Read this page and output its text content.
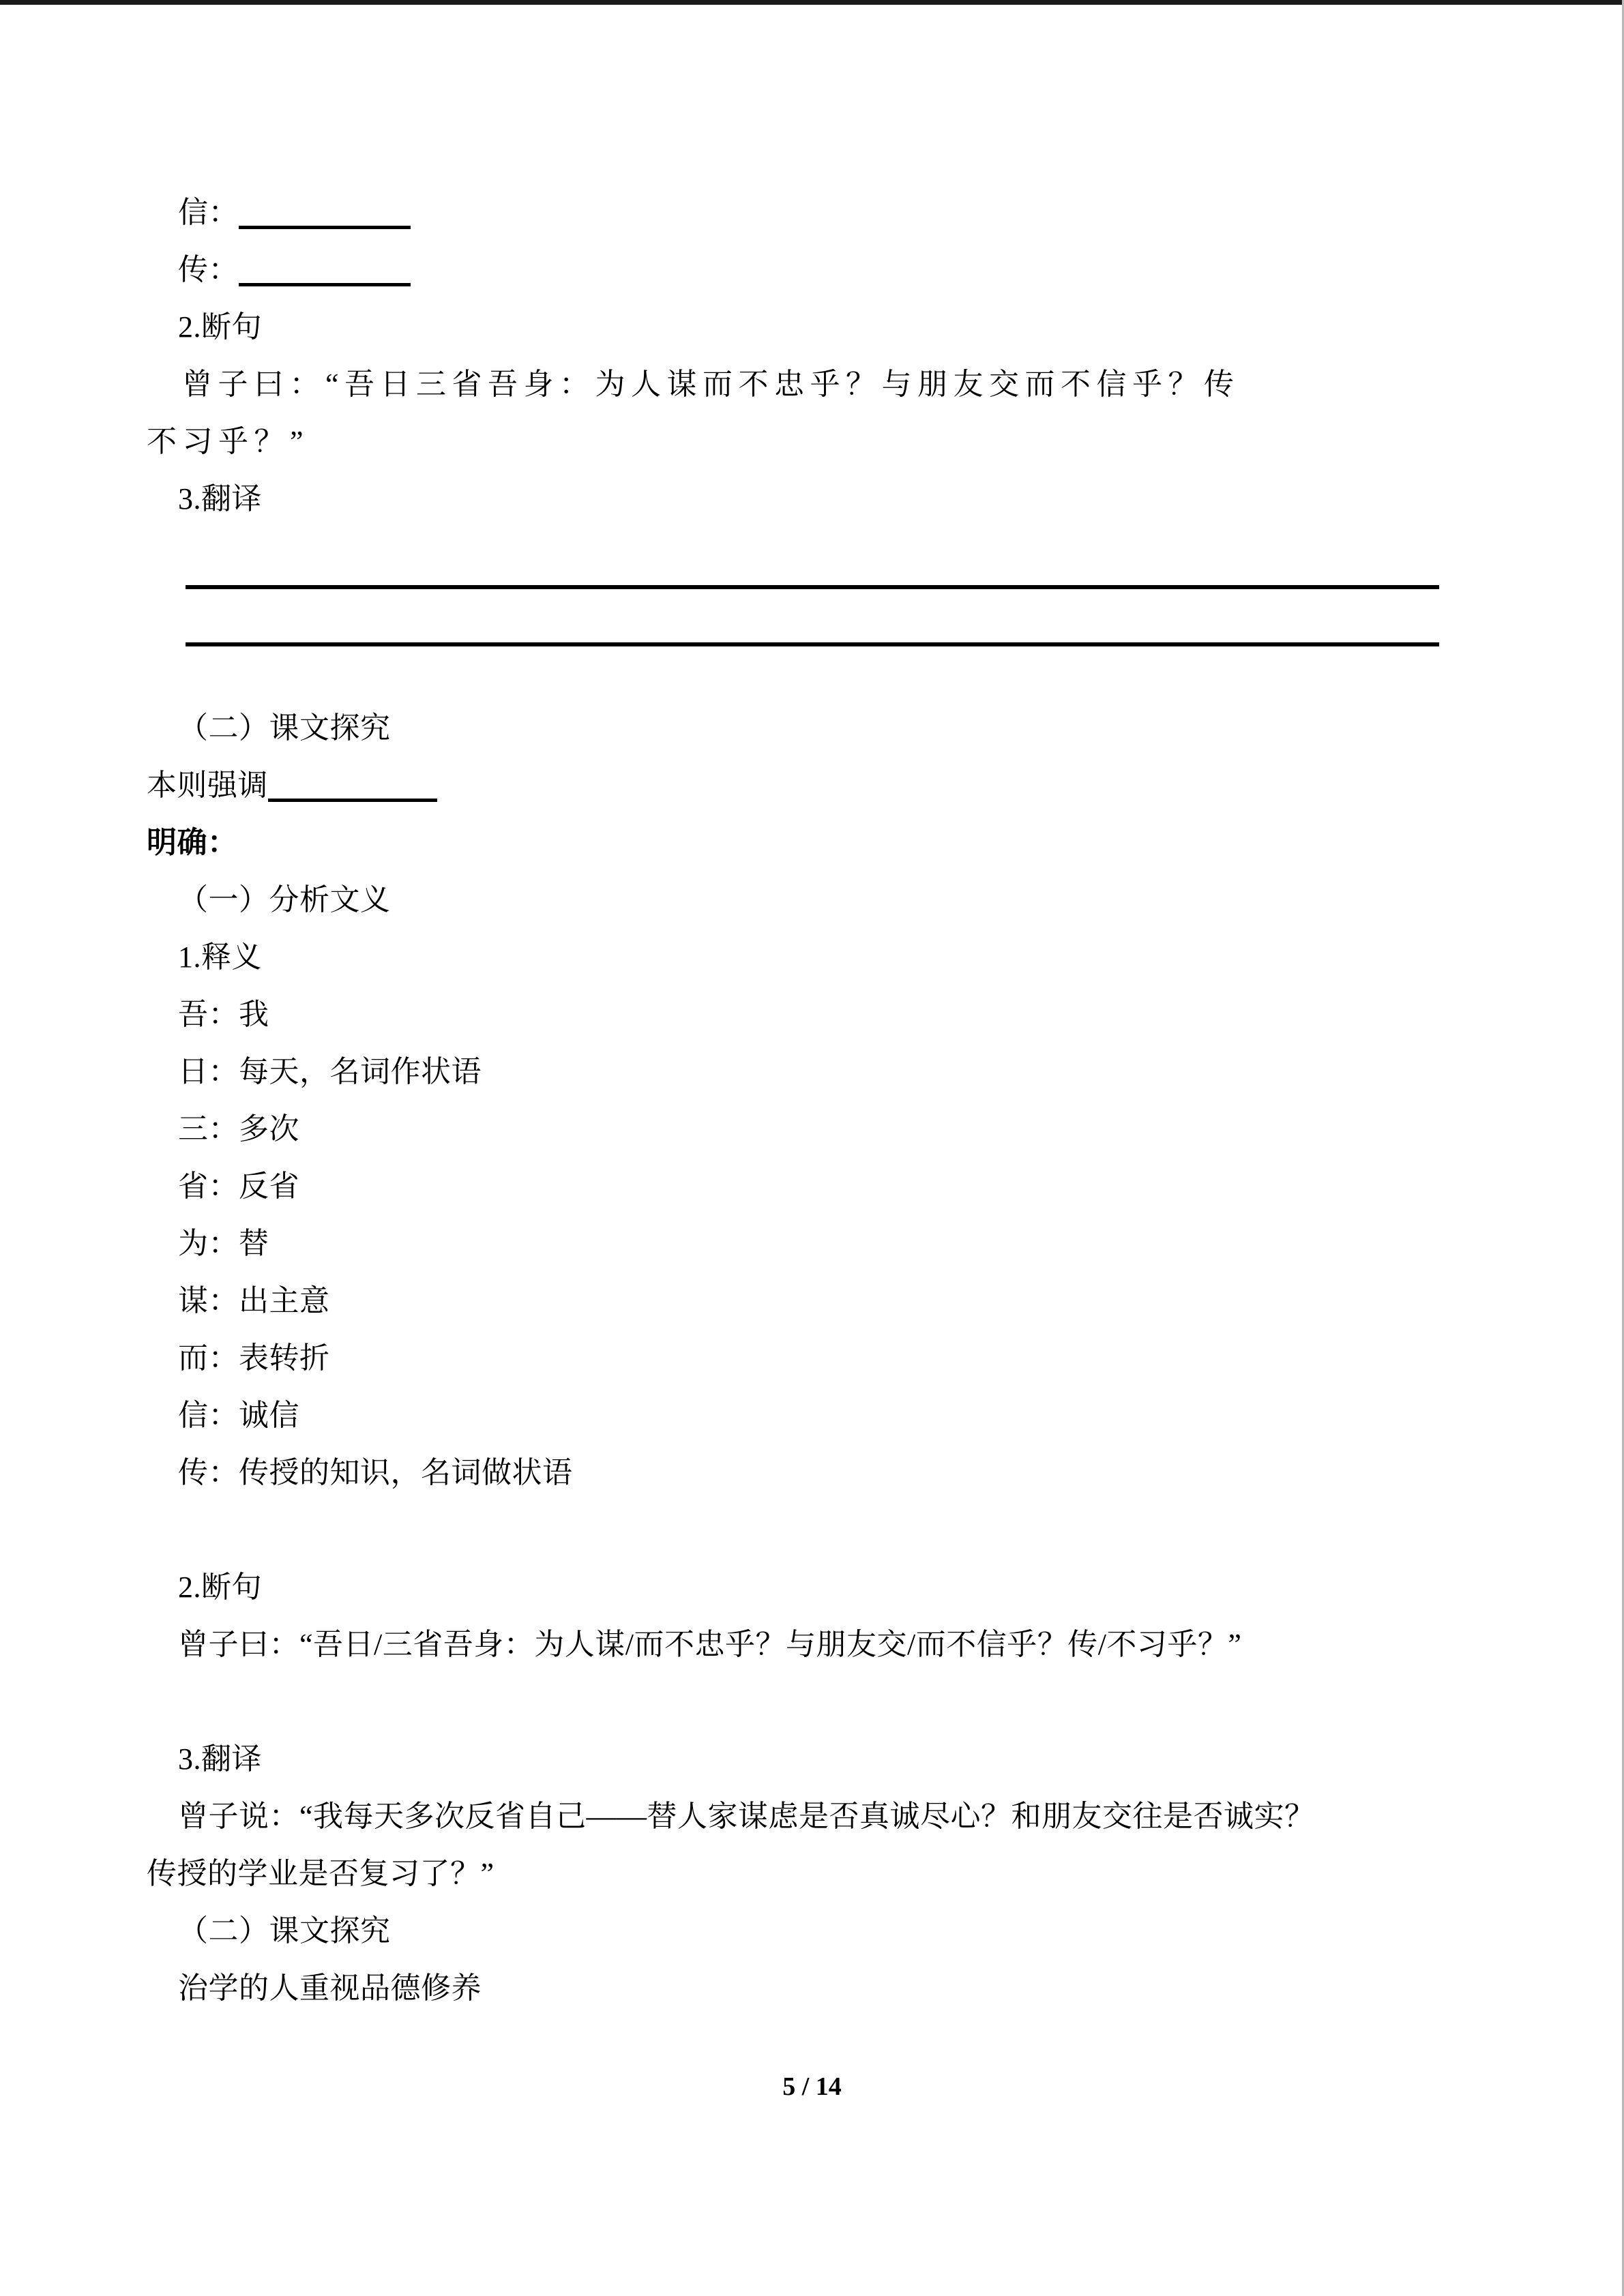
信：
传：
2.断句
曾子曰：“吾日三省吾身：为人谋而不忠乎？与朋友交而不信乎？传
不习乎？”
3.翻译
（二）课文探究
本则强调
明确：
（一）分析文义
1.释义
吾：我
日：每天，名词作状语
三：多次
省：反省
为：替
谋：出主意
而：表转折
信：诚信
传：传授的知识，名词做状语
2.断句
曾子曰：“吾日/三省吾身：为人谋/而不忠乎？与朋友交/而不信乎？传/不习乎？”
3.翻译
曾子说：“我每天多次反省自己——替人家谋虑是否真诚尽心？和朋友交往是否诚实？
传授的学业是否复习了？”
（二）课文探究
治学的人重视品德修养
5 / 14
